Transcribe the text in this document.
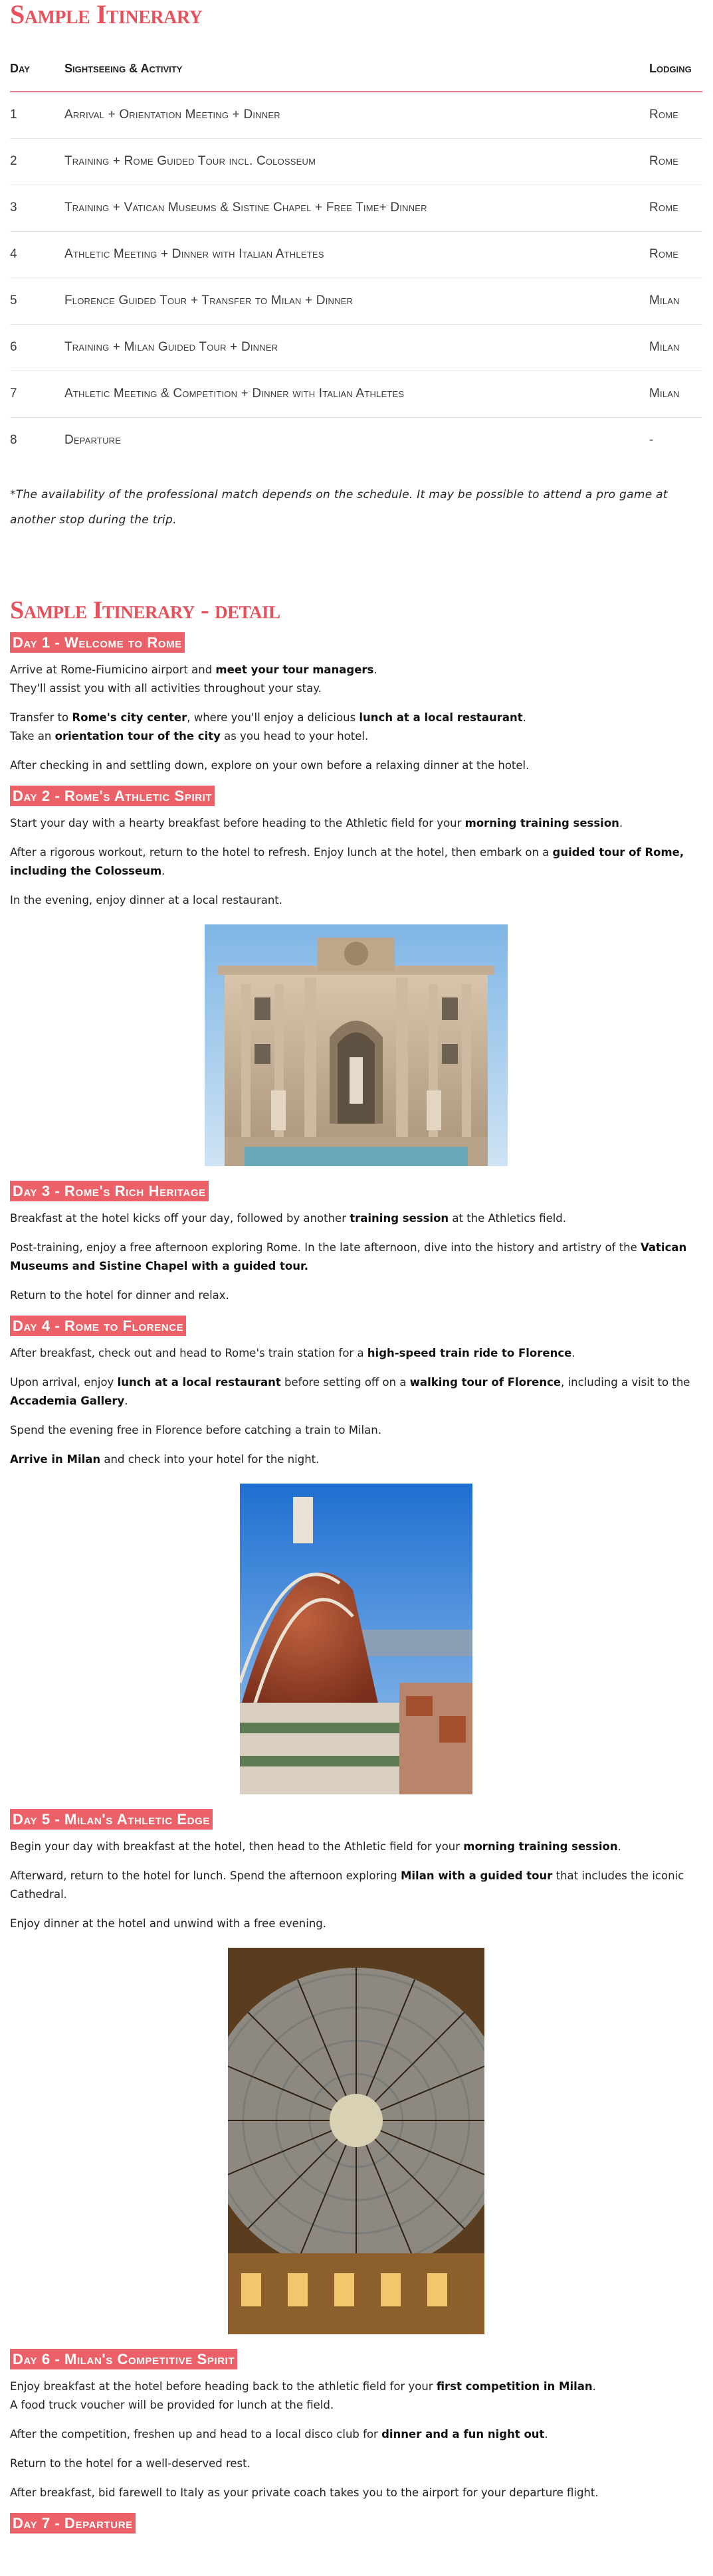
Sample Itinerary
Day	Sightseeing & Activity	Lodging
1	Arrival + Orientation Meeting + Dinner	Rome
2	Training + Rome Guided Tour incl. Colosseum	Rome
3	Training + Vatican Museums & Sistine Chapel + Free Time+ Dinner	Rome
4	Athletic Meeting + Dinner with Italian Athletes	Rome
5	Florence Guided Tour + Transfer to Milan + Dinner	Milan
6	Training + Milan Guided Tour + Dinner	Milan
7	Athletic Meeting & Competition + Dinner with Italian Athletes	Milan
8	Departure	-

*The availability of the professional match depends on the schedule. It may be possible to attend a pro game at another stop during the trip.

Sample Itinerary - detail
Day 1 - Welcome to Rome

Arrive at Rome-Fiumicino airport and meet your tour managers.
They'll assist you with all activities throughout your stay.

Transfer to Rome's city center, where you'll enjoy a delicious lunch at a local restaurant.
Take an orientation tour of the city as you head to your hotel.

After checking in and settling down, explore on your own before a relaxing dinner at the hotel.

Day 2 - Rome's Athletic Spirit

Start your day with a hearty breakfast before heading to the Athletic field for your morning training session.

After a rigorous workout, return to the hotel to refresh. Enjoy lunch at the hotel, then embark on a guided tour of Rome, including the Colosseum.

In the evening, enjoy dinner at a local restaurant.

Day 3 - Rome's Rich Heritage

Breakfast at the hotel kicks off your day, followed by another training session at the Athletics field.

Post-training, enjoy a free afternoon exploring Rome. In the late afternoon, dive into the history and artistry of the Vatican Museums and Sistine Chapel with a guided tour.

Return to the hotel for dinner and relax.

Day 4 - Rome to Florence

After breakfast, check out and head to Rome's train station for a high-speed train ride to Florence.

Upon arrival, enjoy lunch at a local restaurant before setting off on a walking tour of Florence, including a visit to the Accademia Gallery.

Spend the evening free in Florence before catching a train to Milan.

Arrive in Milan and check into your hotel for the night.

Day 5 - Milan's Athletic Edge

Begin your day with breakfast at the hotel, then head to the Athletic field for your morning training session.

Afterward, return to the hotel for lunch. Spend the afternoon exploring Milan with a guided tour that includes the iconic Cathedral.

Enjoy dinner at the hotel and unwind with a free evening.

Day 6 - Milan's Competitive Spirit

Enjoy breakfast at the hotel before heading back to the athletic field for your first competition in Milan.
A food truck voucher will be provided for lunch at the field.

After the competition, freshen up and head to a local disco club for dinner and a fun night out.

Return to the hotel for a well-deserved rest.

After breakfast, bid farewell to Italy as your private coach takes you to the airport for your departure flight.

Day 7 - Departure
